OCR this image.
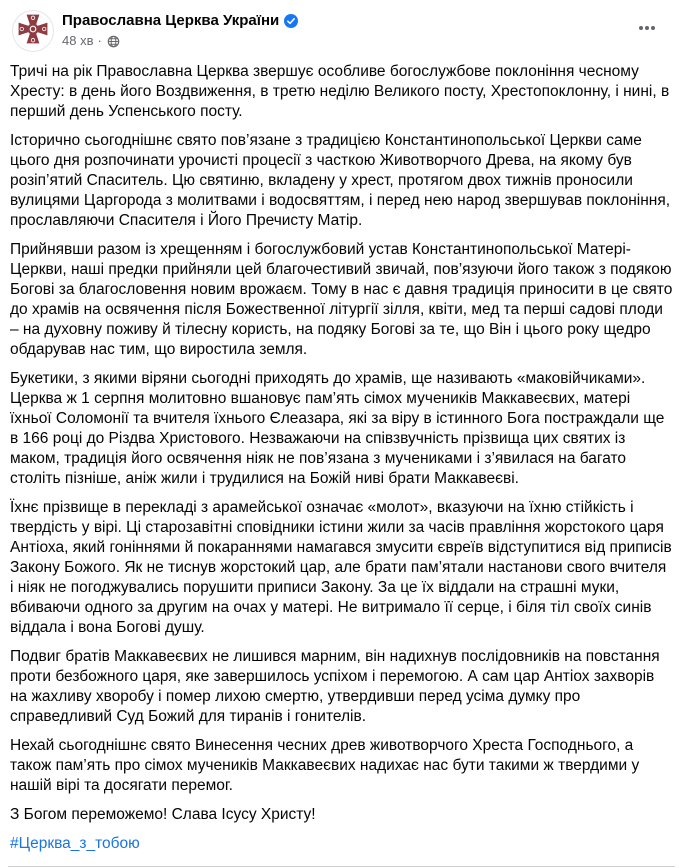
Православна Церква України
48 хв ·

Тричі на рік Православна Церква звершує особливе богослужбове поклоніння чесному Хресту: в день його Воздвиження, в третю неділю Великого посту, Хрестопоклонну, і нині, в перший день Успенського посту.

Історично сьогоднішнє свято пов’язане з традицією Константинопольської Церкви саме цього дня розпочинати урочисті процесії з часткою Животворчого Древа, на якому був розіп’ятий Спаситель. Цю святиню, вкладену у хрест, протягом двох тижнів проносили вулицями Царгорода з молитвами і водосвяттям, і перед нею народ звершував поклоніння, прославляючи Спасителя і Його Пречисту Матір.

Прийнявши разом із хрещенням і богослужбовий устав Константинопольської Матері-Церкви, наші предки прийняли цей благочестивий звичай, пов’язуючи його також з подякою Богові за благословення новим врожаєм. Тому в нас є давня традиція приносити в це свято до храмів на освячення після Божественної літургії зілля, квіти, мед та перші садові плоди – на духовну поживу й тілесну користь, на подяку Богові за те, що Він і цього року щедро обдарував нас тим, що виростила земля.

Букетики, з якими віряни сьогодні приходять до храмів, ще називають «маковійчиками». Церква ж 1 серпня молитовно вшановує пам’ять сімох мучеників Маккавеєвих, матері їхньої Соломонії та вчителя їхнього Єлеазара, які за віру в істинного Бога постраждали ще в 166 році до Різдва Христового. Незважаючи на співзвучність прізвища цих святих із маком, традиція його освячення ніяк не пов’язана з мучениками і з’явилася на багато століть пізніше, аніж жили і трудилися на Божій ниві брати Маккавеєві.

Їхнє прізвище в перекладі з арамейської означає «молот», вказуючи на їхню стійкість і твердість у вірі. Ці старозавітні сповідники істини жили за часів правління жорстокого царя Антіоха, який гоніннями й покараннями намагався змусити євреїв відступитися від приписів Закону Божого. Як не тиснув жорстокий цар, але брати пам’ятали настанови свого вчителя і ніяк не погоджувались порушити приписи Закону. За це їх віддали на страшні муки, вбиваючи одного за другим на очах у матері. Не витримало її серце, і біля тіл своїх синів віддала і вона Богові душу.

Подвиг братів Маккавеєвих не лишився марним, він надихнув послідовників на повстання проти безбожного царя, яке завершилось успіхом і перемогою. А сам цар Антіох захворів на жахливу хворобу і помер лихою смертю, утвердивши перед усіма думку про справедливий Суд Божий для тиранів і гонителів.

Нехай сьогоднішнє свято Винесення чесних древ животворчого Хреста Господнього, а також пам’ять про сімох мучеників Маккавеєвих надихає нас бути такими ж твердими у нашій вірі та досягати перемог.

З Богом переможемо! Слава Ісусу Христу!

#Церква_з_тобою
